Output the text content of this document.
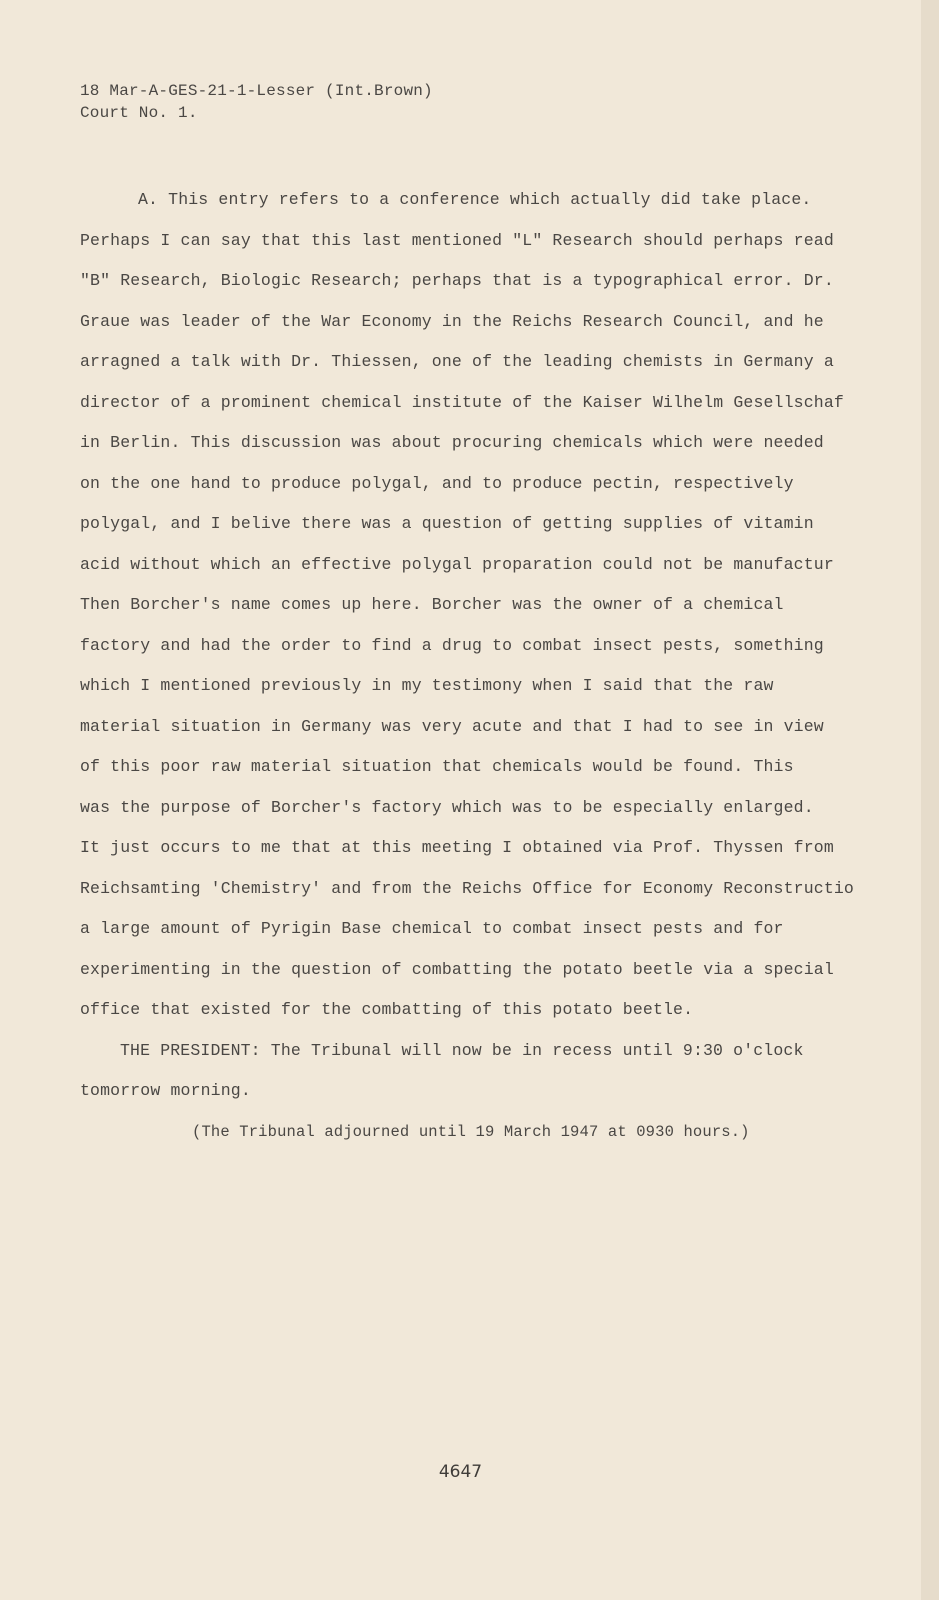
18 Mar-A-GES-21-1-Lesser (Int.Brown)
Court No. 1.
A. This entry refers to a conference which actually did take place.
Perhaps I can say that this last mentioned "L" Research should perhaps read
"B" Research, Biologic Research; perhaps that is a typographical error. Dr.
Graue was leader of the War Economy in the Reichs Research Council, and he
arragned a talk with Dr. Thiessen, one of the leading chemists in Germany a
director of a prominent chemical institute of the Kaiser Wilhelm Gesellschaf
in Berlin. This discussion was about procuring chemicals which were needed
on the one hand to produce polygal, and to produce pectin, respectively
polygal, and I belive there was a question of getting supplies of vitamin
acid without which an effective polygal proparation could not be manufactur
Then Borcher's name comes up here. Borcher was the owner of a chemical
factory and had the order to find a drug to combat insect pests, something
which I mentioned previously in my testimony when I said that the raw
material situation in Germany was very acute and that I had to see in view
of this poor raw material situation that chemicals would be found. This
was the purpose of Borcher's factory which was to be especially enlarged.
It just occurs to me that at this meeting I obtained via Prof. Thyssen from
Reichsamting 'Chemistry' and from the Reichs Office for Economy Reconstructio
a large amount of Pyrigin Base chemical to combat insect pests and for
experimenting in the question of combatting the potato beetle via a special
office that existed for the combatting of this potato beetle.
THE PRESIDENT: The Tribunal will now be in recess until 9:30 o'clock
tomorrow morning.
(The Tribunal adjourned until 19 March 1947 at 0930 hours.)
4647
